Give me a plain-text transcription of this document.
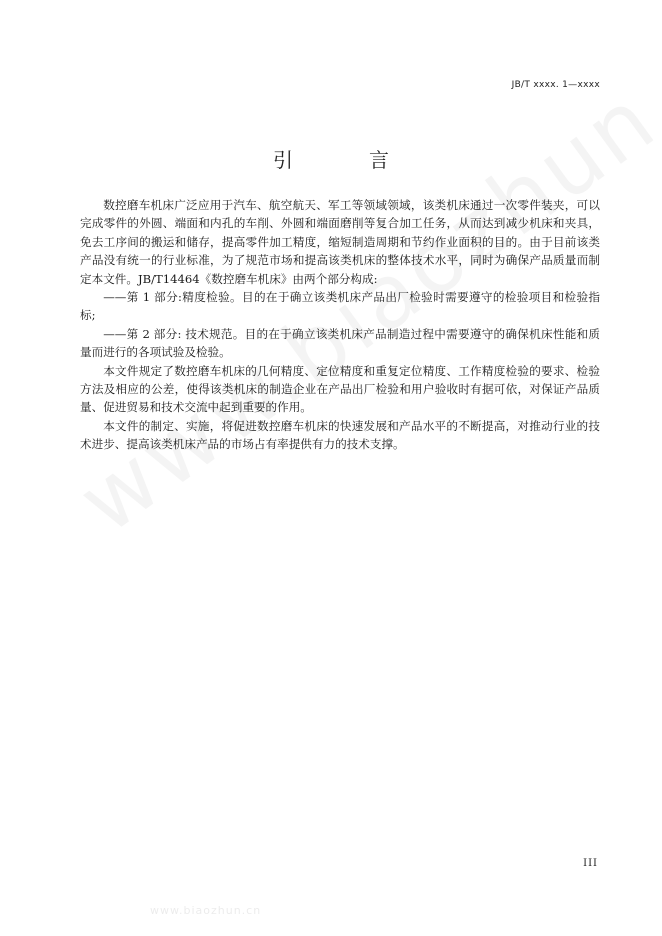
JB/T xxxx. 1—xxxx
引　言

数控磨车机床广泛应用于汽车、航空航天、军工等领域领域，该类机床通过一次零件装夹，可以完成零件的外圆、端面和内孔的车削、外圆和端面磨削等复合加工任务，从而达到减少机床和夹具，免去工序间的搬运和储存，提高零件加工精度，缩短制造周期和节约作业面积的目的。由于目前该类产品没有统一的行业标准，为了规范市场和提高该类机床的整体技术水平，同时为确保产品质量而制定本文件。JB/T14464《数控磨车机床》由两个部分构成:

——第 1 部分:精度检验。目的在于确立该类机床产品出厂检验时需要遵守的检验项目和检验指标;

——第 2 部分: 技术规范。目的在于确立该类机床产品制造过程中需要遵守的确保机床性能和质量而进行的各项试验及检验。

本文件规定了数控磨车机床的几何精度、定位精度和重复定位精度、工作精度检验的要求、检验方法及相应的公差，使得该类机床的制造企业在产品出厂检验和用户验收时有据可依，对保证产品质量、促进贸易和技术交流中起到重要的作用。

本文件的制定、实施，将促进数控磨车机床的快速发展和产品水平的不断提高，对推动行业的技术进步、提高该类机床产品的市场占有率提供有力的技术支撑。

III
www.biaozhun.cn
